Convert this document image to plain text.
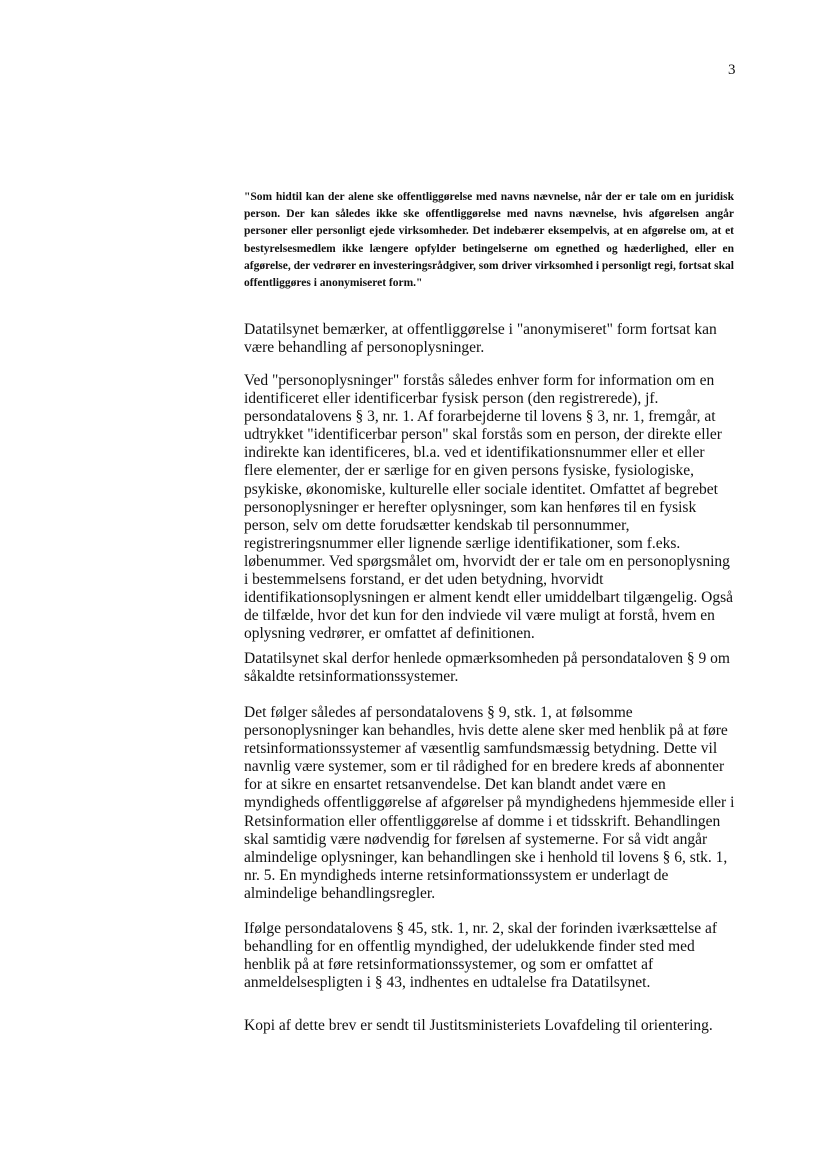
3

"Som hidtil kan der alene ske offentliggørelse med navns nævnelse, når der er tale om en juridisk person. Der kan således ikke ske offentliggørelse med navns nævnelse, hvis afgørelsen angår personer eller personligt ejede virksomheder. Det indebærer eksempelvis, at en afgørelse om, at et bestyrelsesmedlem ikke længere opfylder betingelserne om egnethed og hæderlighed, eller en afgørelse, der vedrører en investeringsrådgiver, som driver virksomhed i personligt regi, fortsat skal offentliggøres i anonymiseret form."

Datatilsynet bemærker, at offentliggørelse i "anonymiseret" form fortsat kan være behandling af personoplysninger.

Ved "personoplysninger" forstås således enhver form for information om en identificeret eller identificerbar fysisk person (den registrerede), jf. persondatalovens § 3, nr. 1. Af forarbejderne til lovens § 3, nr. 1, fremgår, at udtrykket "identificerbar person" skal forstås som en person, der direkte eller indirekte kan identificeres, bl.a. ved et identifikationsnummer eller et eller flere elementer, der er særlige for en given persons fysiske, fysiologiske, psykiske, økonomiske, kulturelle eller sociale identitet. Omfattet af begrebet personoplysninger er herefter oplysninger, som kan henføres til en fysisk person, selv om dette forudsætter kendskab til personnummer, registreringsnummer eller lignende særlige identifikationer, som f.eks. løbenummer. Ved spørgsmålet om, hvorvidt der er tale om en personoplysning i bestemmelsens forstand, er det uden betydning, hvorvidt identifikationsoplysningen er alment kendt eller umiddelbart tilgængelig. Også de tilfælde, hvor det kun for den indviede vil være muligt at forstå, hvem en oplysning vedrører, er omfattet af definitionen.

Datatilsynet skal derfor henlede opmærksomheden på persondataloven § 9 om såkaldte retsinformationssystemer.

Det følger således af persondatalovens § 9, stk. 1, at følsomme personoplysninger kan behandles, hvis dette alene sker med henblik på at føre retsinformationssystemer af væsentlig samfundsmæssig betydning. Dette vil navnlig være systemer, som er til rådighed for en bredere kreds af abonnenter for at sikre en ensartet retsanvendelse. Det kan blandt andet være en myndigheds offentliggørelse af afgørelser på myndighedens hjemmeside eller i Retsinformation eller offentliggørelse af domme i et tidsskrift. Behandlingen skal samtidig være nødvendig for førelsen af systemerne. For så vidt angår almindelige oplysninger, kan behandlingen ske i henhold til lovens § 6, stk. 1, nr. 5. En myndigheds interne retsinformationssystem er underlagt de almindelige behandlingsregler.

Ifølge persondatalovens § 45, stk. 1, nr. 2, skal der forinden iværksættelse af behandling for en offentlig myndighed, der udelukkende finder sted med henblik på at føre retsinformationssystemer, og som er omfattet af anmeldelsespligten i § 43, indhentes en udtalelse fra Datatilsynet.

Kopi af dette brev er sendt til Justitsministeriets Lovafdeling til orientering.
